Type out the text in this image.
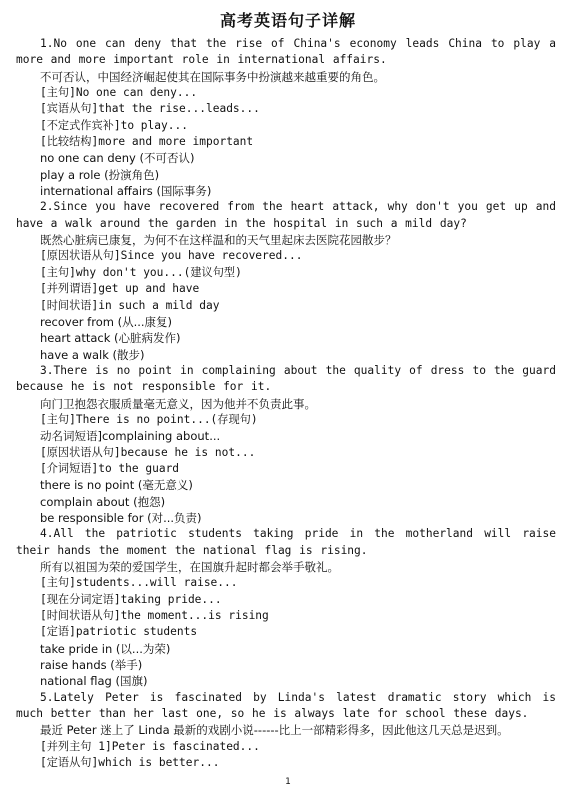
高考英语句子详解
1.No one can deny that the rise of China's economy leads China to play a more and more important role in international affairs.
不可否认，中国经济崛起使其在国际事务中扮演越来越重要的角色。
[主句]No one can deny...
[宾语从句]that the rise...leads...
[不定式作宾补]to play...
[比较结构]more and more important
no one can deny (不可否认)
play a role (扮演角色)
international affairs (国际事务)
2.Since you have recovered from the heart attack, why don't you get up and have a walk around the garden in the hospital in such a mild day?
既然心脏病已康复，为何不在这样温和的天气里起床去医院花园散步？
[原因状语从句]Since you have recovered...
[主句]why don't you...(建议句型)
[并列谓语]get up and have
[时间状语]in such a mild day
recover from (从...康复)
heart attack (心脏病发作)
have a walk (散步)
3.There is no point in complaining about the quality of dress to the guard because he is not responsible for it.
向门卫抱怨衣服质量毫无意义，因为他并不负责此事。
[主句]There is no point...(存现句)
动名词短语]complaining about...
[原因状语从句]because he is not...
[介词短语]to the guard
there is no point (毫无意义)
complain about (抱怨)
be responsible for (对...负责)
4.All the patriotic students taking pride in the motherland will raise their hands the moment the national flag is rising.
所有以祖国为荣的爱国学生，在国旗升起时都会举手敬礼。
[主句]students...will raise...
[现在分词定语]taking pride...
[时间状语从句]the moment...is rising
[定语]patriotic students
take pride in (以...为荣)
raise hands (举手)
national flag (国旗)
5.Lately Peter is fascinated by Linda's latest dramatic story which is much better than her last one, so he is always late for school these days.
最近 Peter 迷上了 Linda 最新的戏剧小说------比上一部精彩得多，因此他这几天总是迟到。
[并列主句 1]Peter is fascinated...
[定语从句]which is better...
1
